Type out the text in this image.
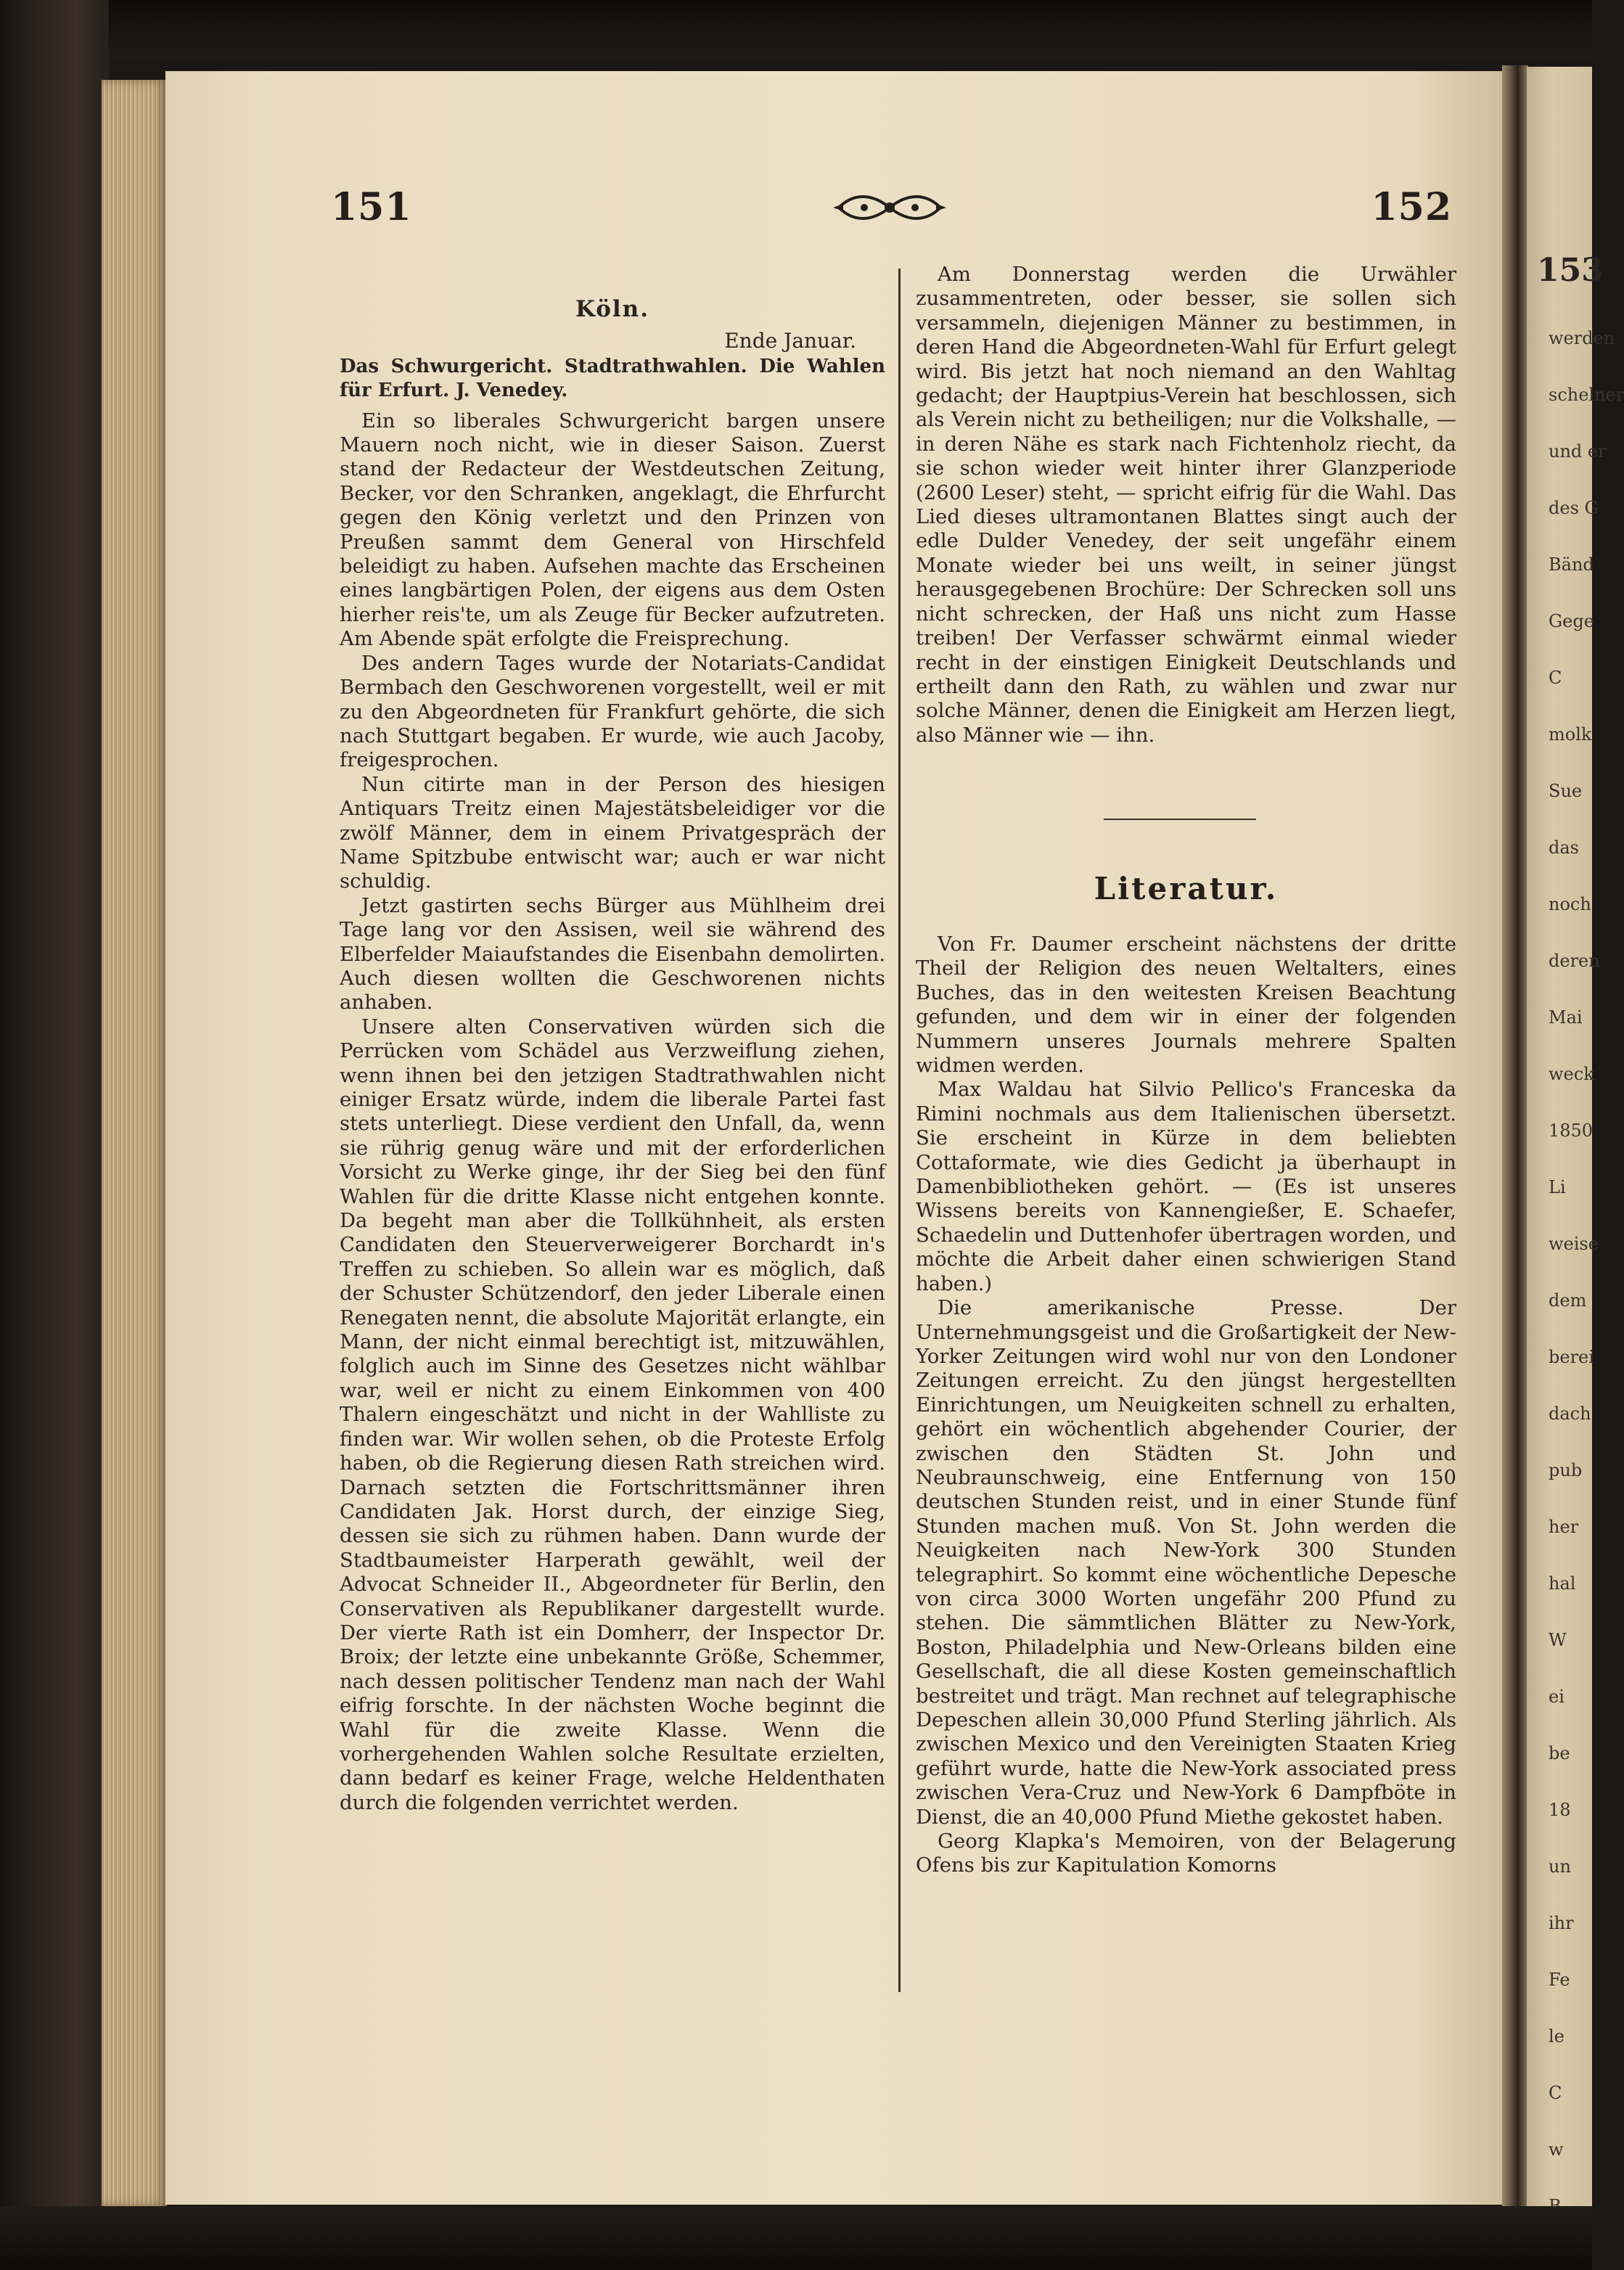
153
werden
schelner
und er
des G
Bänd
Gege
C
molk
Sue
das
noch
deren
Mai
weck
1850
Li
weise
dem
berei
dach
pub
her
hal
W
ei
be
18
un
ihr
Fe
le
C
w
151	152
Köln.
Ende Januar.
Das Schwurgericht. Stadtrathwahlen. Die Wahlen für Erfurt. J. Venedey.

Ein so liberales Schwurgericht bargen unsere Mauern noch nicht, wie in dieser Saison. Zuerst stand der Redacteur der Westdeutschen Zeitung, Becker, vor den Schranken, angeklagt, die Ehrfurcht gegen den König verletzt und den Prinzen von Preußen sammt dem General von Hirschfeld beleidigt zu haben. Aufsehen machte das Erscheinen eines langbärtigen Polen, der eigens aus dem Osten hierher reis'te, um als Zeuge für Becker aufzutreten. Am Abende spät erfolgte die Freisprechung.

Des andern Tages wurde der Notariats-Candidat Bermbach den Geschworenen vorgestellt, weil er mit zu den Abgeordneten für Frankfurt gehörte, die sich nach Stuttgart begaben. Er wurde, wie auch Jacoby, freigesprochen.

Nun citirte man in der Person des hiesigen Antiquars Treitz einen Majestätsbeleidiger vor die zwölf Männer, dem in einem Privatgespräch der Name Spitzbube entwischt war; auch er war nicht schuldig.

Jetzt gastirten sechs Bürger aus Mühlheim drei Tage lang vor den Assisen, weil sie während des Elberfelder Maiaufstandes die Eisenbahn demolirten. Auch diesen wollten die Geschworenen nichts anhaben.

Unsere alten Conservativen würden sich die Perrücken vom Schädel aus Verzweiflung ziehen, wenn ihnen bei den jetzigen Stadtrathwahlen nicht einiger Ersatz würde, indem die liberale Partei fast stets unterliegt. Diese verdient den Unfall, da, wenn sie rührig genug wäre und mit der erforderlichen Vorsicht zu Werke ginge, ihr der Sieg bei den fünf Wahlen für die dritte Klasse nicht entgehen konnte. Da begeht man aber die Tollkühnheit, als ersten Candidaten den Steuerverweigerer Borchardt in's Treffen zu schieben. So allein war es möglich, daß der Schuster Schützendorf, den jeder Liberale einen Renegaten nennt, die absolute Majorität erlangte, ein Mann, der nicht einmal berechtigt ist, mitzuwählen, folglich auch im Sinne des Gesetzes nicht wählbar war, weil er nicht zu einem Einkommen von 400 Thalern eingeschätzt und nicht in der Wahlliste zu finden war. Wir wollen sehen, ob die Proteste Erfolg haben, ob die Regierung diesen Rath streichen wird. Darnach setzten die Fortschrittsmänner ihren Candidaten Jak. Horst durch, der einzige Sieg, dessen sie sich zu rühmen haben. Dann wurde der Stadtbaumeister Harperath gewählt, weil der Advocat Schneider II., Abgeordneter für Berlin, den Conservativen als Republikaner dargestellt wurde. Der vierte Rath ist ein Domherr, der Inspector Dr. Broix; der letzte eine unbekannte Größe, Schemmer, nach dessen politischer Tendenz man nach der Wahl eifrig forschte. In der nächsten Woche beginnt die Wahl für die zweite Klasse. Wenn die vorhergehenden Wahlen solche Resultate erzielten, dann bedarf es keiner Frage, welche Heldenthaten durch die folgenden verrichtet werden.

Am Donnerstag werden die Urwähler zusammentreten, oder besser, sie sollen sich versammeln, diejenigen Männer zu bestimmen, in deren Hand die Abgeordneten-Wahl für Erfurt gelegt wird. Bis jetzt hat noch niemand an den Wahltag gedacht; der Hauptpius-Verein hat beschlossen, sich als Verein nicht zu betheiligen; nur die Volkshalle, — in deren Nähe es stark nach Fichtenholz riecht, da sie schon wieder weit hinter ihrer Glanzperiode (2600 Leser) steht, — spricht eifrig für die Wahl. Das Lied dieses ultramontanen Blattes singt auch der edle Dulder Venedey, der seit ungefähr einem Monate wieder bei uns weilt, in seiner jüngst herausgegebenen Brochüre: Der Schrecken soll uns nicht schrecken, der Haß uns nicht zum Hasse treiben! Der Verfasser schwärmt einmal wieder recht in der einstigen Einigkeit Deutschlands und ertheilt dann den Rath, zu wählen und zwar nur solche Männer, denen die Einigkeit am Herzen liegt, also Männer wie — ihn.

Literatur.

Von Fr. Daumer erscheint nächstens der dritte Theil der Religion des neuen Weltalters, eines Buches, das in den weitesten Kreisen Beachtung gefunden, und dem wir in einer der folgenden Nummern unseres Journals mehrere Spalten widmen werden.

Max Waldau hat Silvio Pellico's Franceska da Rimini nochmals aus dem Italienischen übersetzt. Sie erscheint in Kürze in dem beliebten Cottaformate, wie dies Gedicht ja überhaupt in Damenbibliotheken gehört. — (Es ist unseres Wissens bereits von Kannengießer, E. Schaefer, Schaedelin und Duttenhofer übertragen worden, und möchte die Arbeit daher einen schwierigen Stand haben.)

Die amerikanische Presse. Der Unternehmungsgeist und die Großartigkeit der New-Yorker Zeitungen wird wohl nur von den Londoner Zeitungen erreicht. Zu den jüngst hergestellten Einrichtungen, um Neuigkeiten schnell zu erhalten, gehört ein wöchentlich abgehender Courier, der zwischen den Städten St. John und Neubraunschweig, eine Entfernung von 150 deutschen Stunden reist, und in einer Stunde fünf Stunden machen muß. Von St. John werden die Neuigkeiten nach New-York 300 Stunden telegraphirt. So kommt eine wöchentliche Depesche von circa 3000 Worten ungefähr 200 Pfund zu stehen. Die sämmtlichen Blätter zu New-York, Boston, Philadelphia und New-Orleans bilden eine Gesellschaft, die all diese Kosten gemeinschaftlich bestreitet und trägt. Man rechnet auf telegraphische Depeschen allein 30,000 Pfund Sterling jährlich. Als zwischen Mexico und den Vereinigten Staaten Krieg geführt wurde, hatte die New-York associated press zwischen Vera-Cruz und New-York 6 Dampfböte in Dienst, die an 40,000 Pfund Miethe gekostet haben.

Georg Klapka's Memoiren, von der Belagerung Ofens bis zur Kapitulation Komorns
